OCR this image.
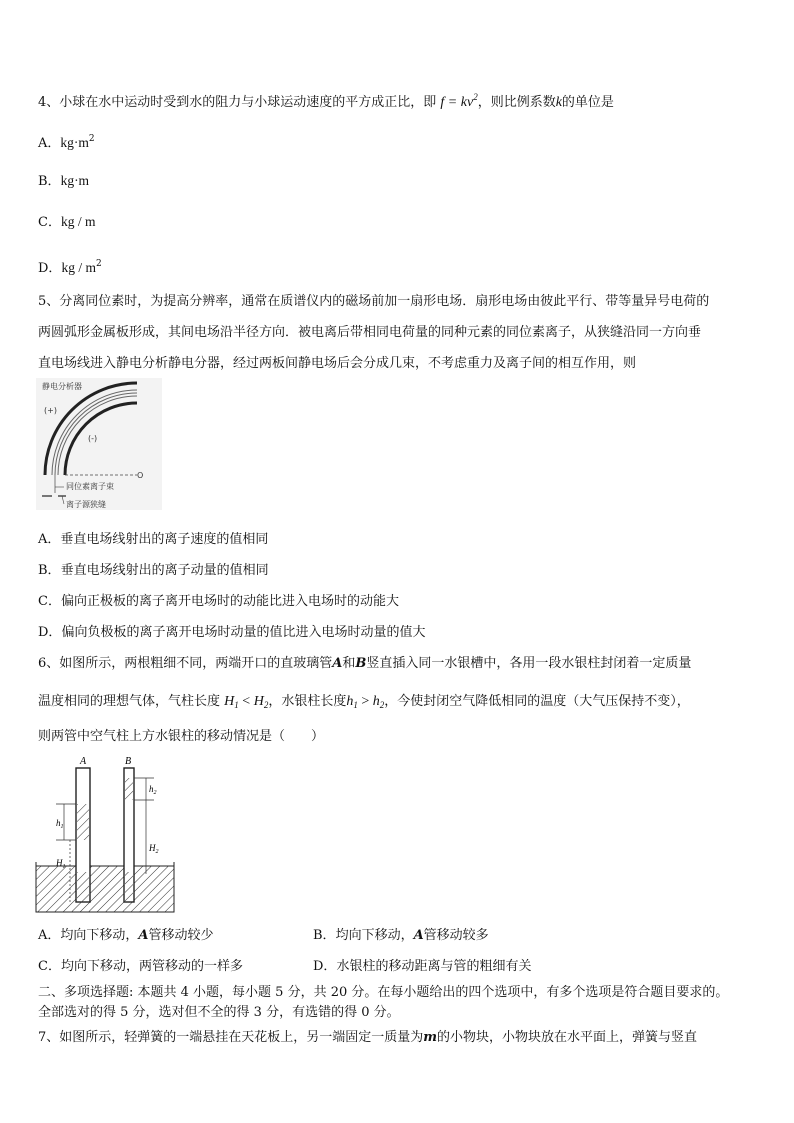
4、小球在水中运动时受到水的阻力与小球运动速度的平方成正比，即 $f = kv^2$，则比例系数k的单位是
A．$kg\cdot m^2$
B．kg·m
C．kg / m
D．kg / $m^2$
5、分离同位素时，为提高分辨率，通常在质谱仪内的磁场前加一扇形电场．扇形电场由彼此平行、带等量异号电荷的
两圆弧形金属板形成，其间电场沿半径方向．被电离后带相同电荷量的同种元素的同位素离子，从狭缝沿同一方向垂
直电场线进入静电分析静电分器，经过两板间静电场后会分成几束，不考虑重力及离子间的相互作用，则
静电分析器
(+)
(-)
O
同位素离子束
离子源狭缝
A．垂直电场线射出的离子速度的值相同
B．垂直电场线射出的离子动量的值相同
C．偏向正极板的离子离开电场时的动能比进入电场时的动能大
D．偏向负极板的离子离开电场时动量的值比进入电场时动量的值大
6、如图所示，两根粗细不同，两端开口的直玻璃管A和B竖直插入同一水银槽中，各用一段水银柱封闭着一定质量
温度相同的理想气体，气柱长度 $H_1 < H_2$，水银柱长度$h_1 > h_2$，今使封闭空气降低相同的温度（大气压保持不变），
则两管中空气柱上方水银柱的移动情况是（　　）
A
$h_1$
$H_1$
B
$h_2$
$H_2$
A．均向下移动，A管移动较少	B．均向下移动，A管移动较多
C．均向下移动，两管移动的一样多	D．水银柱的移动距离与管的粗细有关
二、多项选择题: 本题共 4 小题，每小题 5 分，共 20 分。在每小题给出的四个选项中，有多个选项是符合题目要求的。
全部选对的得 5 分，选对但不全的得 3 分，有选错的得 0 分。
7、如图所示，轻弹簧的一端悬挂在天花板上，另一端固定一质量为m的小物块，小物块放在水平面上，弹簧与竖直
